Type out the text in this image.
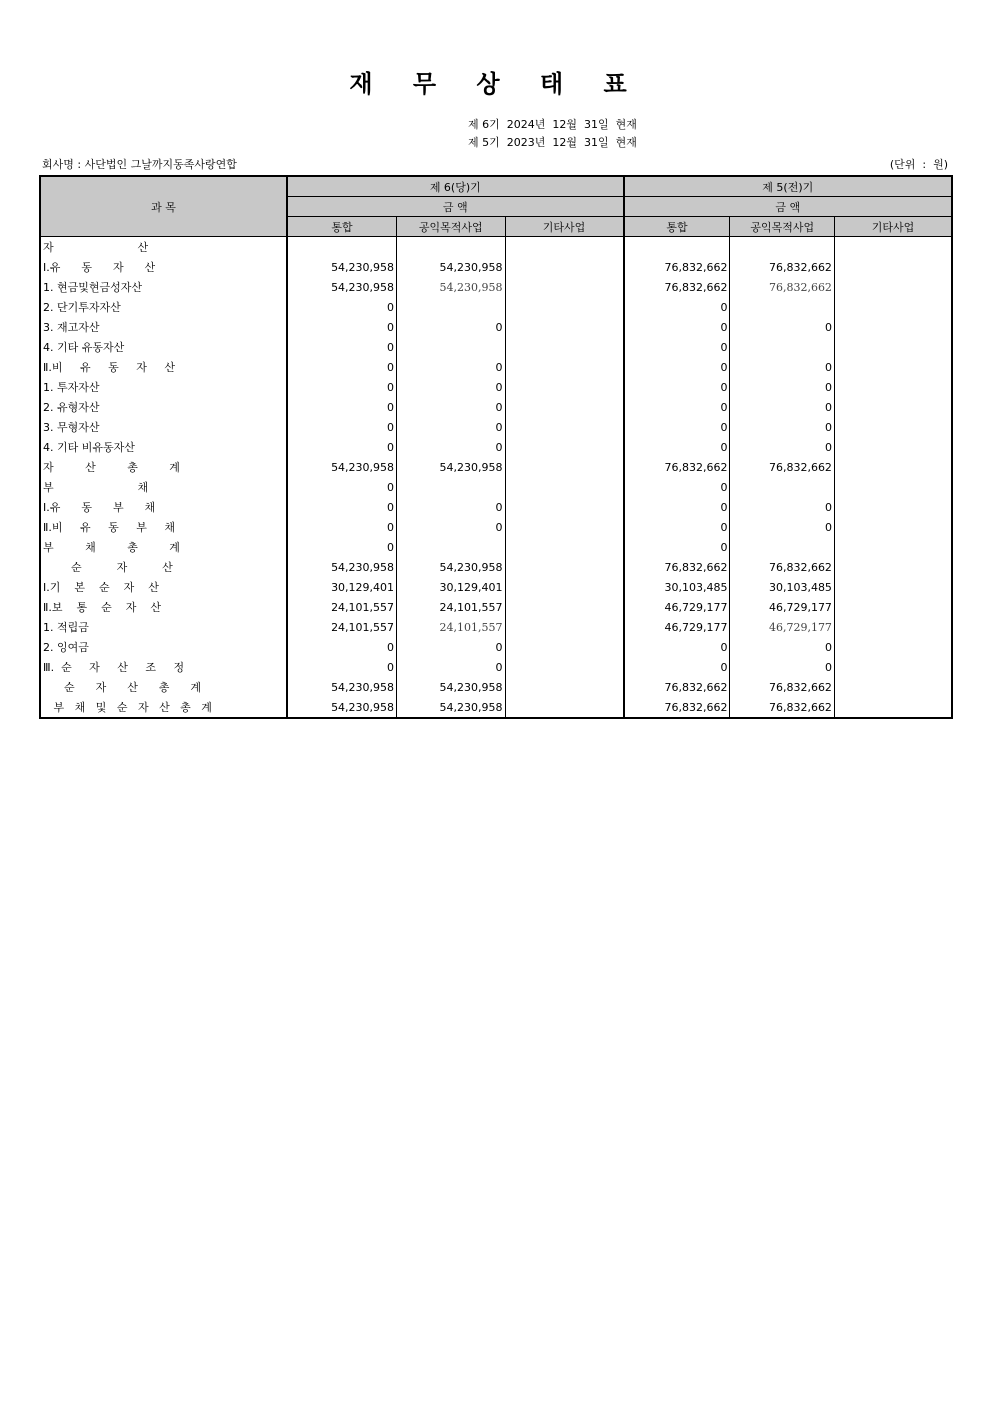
재 무 상 태 표
제 6기  2024년  12월  31일  현재
제 5기  2023년  12월  31일  현재
회사명 : 사단법인 그날까지동족사랑연합	(단위  :  원)
과 목	제 6(당)기			제 5(전)기		
	금 액			금 액		
	통합	공익목적사업	기타사업	통합	공익목적사업	기타사업
자                        산						
Ⅰ.유      동      자      산	54,230,958	54,230,958		76,832,662	76,832,662	
1. 현금및현금성자산	54,230,958	54,230,958		76,832,662	76,832,662	
2. 단기투자자산	0			0		
3. 재고자산	0	0		0	0	
4. 기타 유동자산	0			0		
Ⅱ.비     유     동     자     산	0	0		0	0	
1. 투자자산	0	0		0	0	
2. 유형자산	0	0		0	0	
3. 무형자산	0	0		0	0	
4. 기타 비유동자산	0	0		0	0	
자         산         총         계	54,230,958	54,230,958		76,832,662	76,832,662	
부                        채	0			0		
Ⅰ.유      동      부      채	0	0		0	0	
Ⅱ.비     유     동     부     채	0	0		0	0	
부         채         총         계	0			0		
순          자          산	54,230,958	54,230,958		76,832,662	76,832,662	
Ⅰ.기    본    순    자    산	30,129,401	30,129,401		30,103,485	30,103,485	
Ⅱ.보    통    순    자    산	24,101,557	24,101,557		46,729,177	46,729,177	
1. 적립금	24,101,557	24,101,557		46,729,177	46,729,177	
2. 잉여금	0	0		0	0	
Ⅲ.  순     자     산     조     정	0	0		0	0	
순      자      산      총      계	54,230,958	54,230,958		76,832,662	76,832,662	
부   채   및   순   자   산   총   계	54,230,958	54,230,958		76,832,662	76,832,662	
